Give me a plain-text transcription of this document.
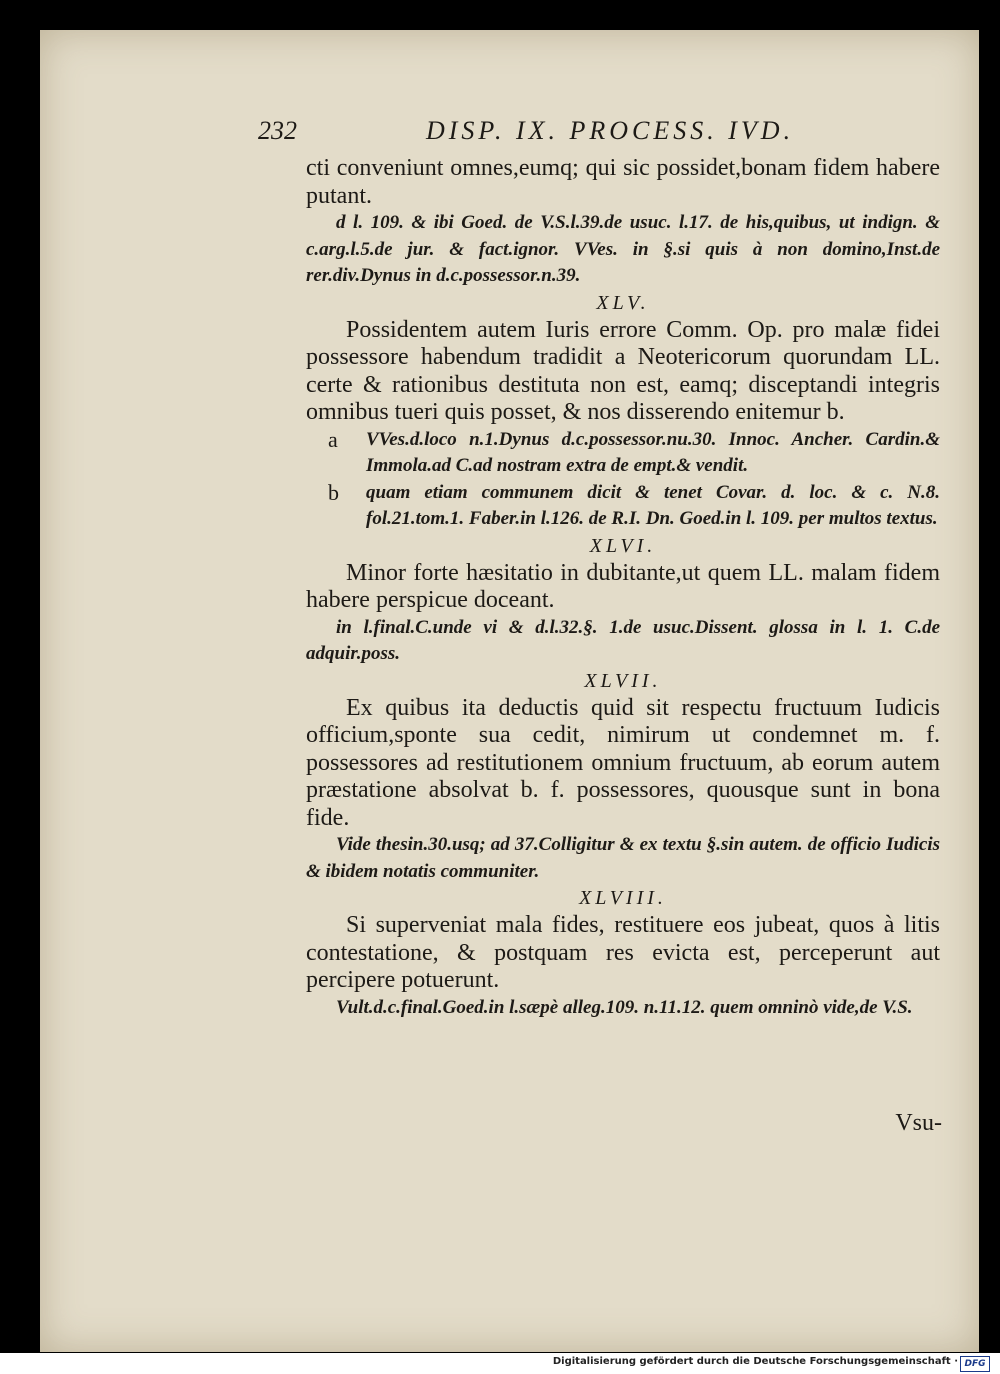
232	DISP. IX. PROCESS. IVD.

cti conveniunt omnes,eumq; qui sic possidet,bonam fidem habere putant.

d l. 109. & ibi Goed. de V.S.l.39.de usuc. l.17. de his,quibus, ut indign. & c.arg.l.5.de jur. & fact.ignor. VVes. in §.si quis à non domino,Inst.de rer.div.Dynus in d.c.possessor.n.39.

XLV.

Possidentem autem Iuris errore Comm. Op. pro malæ fidei possessore habendum tradidit a Neotericorum quorundam LL. certe & rationibus destituta non est, eamq; disceptandi integris omnibus tueri quis posset, & nos disserendo enitemur b.

a	VVes.d.loco n.1.Dynus d.c.possessor.nu.30. Innoc. Ancher. Cardin.& Immola.ad C.ad nostram extra de empt.& vendit.
b	quam etiam communem dicit & tenet Covar. d. loc. & c. N.8. fol.21.tom.1. Faber.in l.126. de R.I. Dn. Goed.in l. 109. per multos textus.
XLVI.

Minor forte hæsitatio in dubitante,ut quem LL. malam fidem habere perspicue doceant.

in l.final.C.unde vi & d.l.32.§. 1.de usuc.Dissent. glossa in l. 1. C.de adquir.poss.

XLVII.

Ex quibus ita deductis quid sit respectu fructuum Iudicis officium,sponte sua cedit, nimirum ut condemnet m. f. possessores ad restitutionem omnium fructuum, ab eorum autem præstatione absolvat b. f. possessores, quousque sunt in bona fide.

Vide thesin.30.usq; ad 37.Colligitur & ex textu §.sin autem. de officio Iudicis & ibidem notatis communiter.

XLVIII.

Si superveniat mala fides, restituere eos jubeat, quos à litis contestatione, & postquam res evicta est, perceperunt aut percipere potuerunt.

Vult.d.c.final.Goed.in l.sæpè alleg.109. n.11.12. quem omninò vide,de V.S.

Vsu-
Digitalisierung gefördert durch die Deutsche Forschungsgemeinschaft · DFG
